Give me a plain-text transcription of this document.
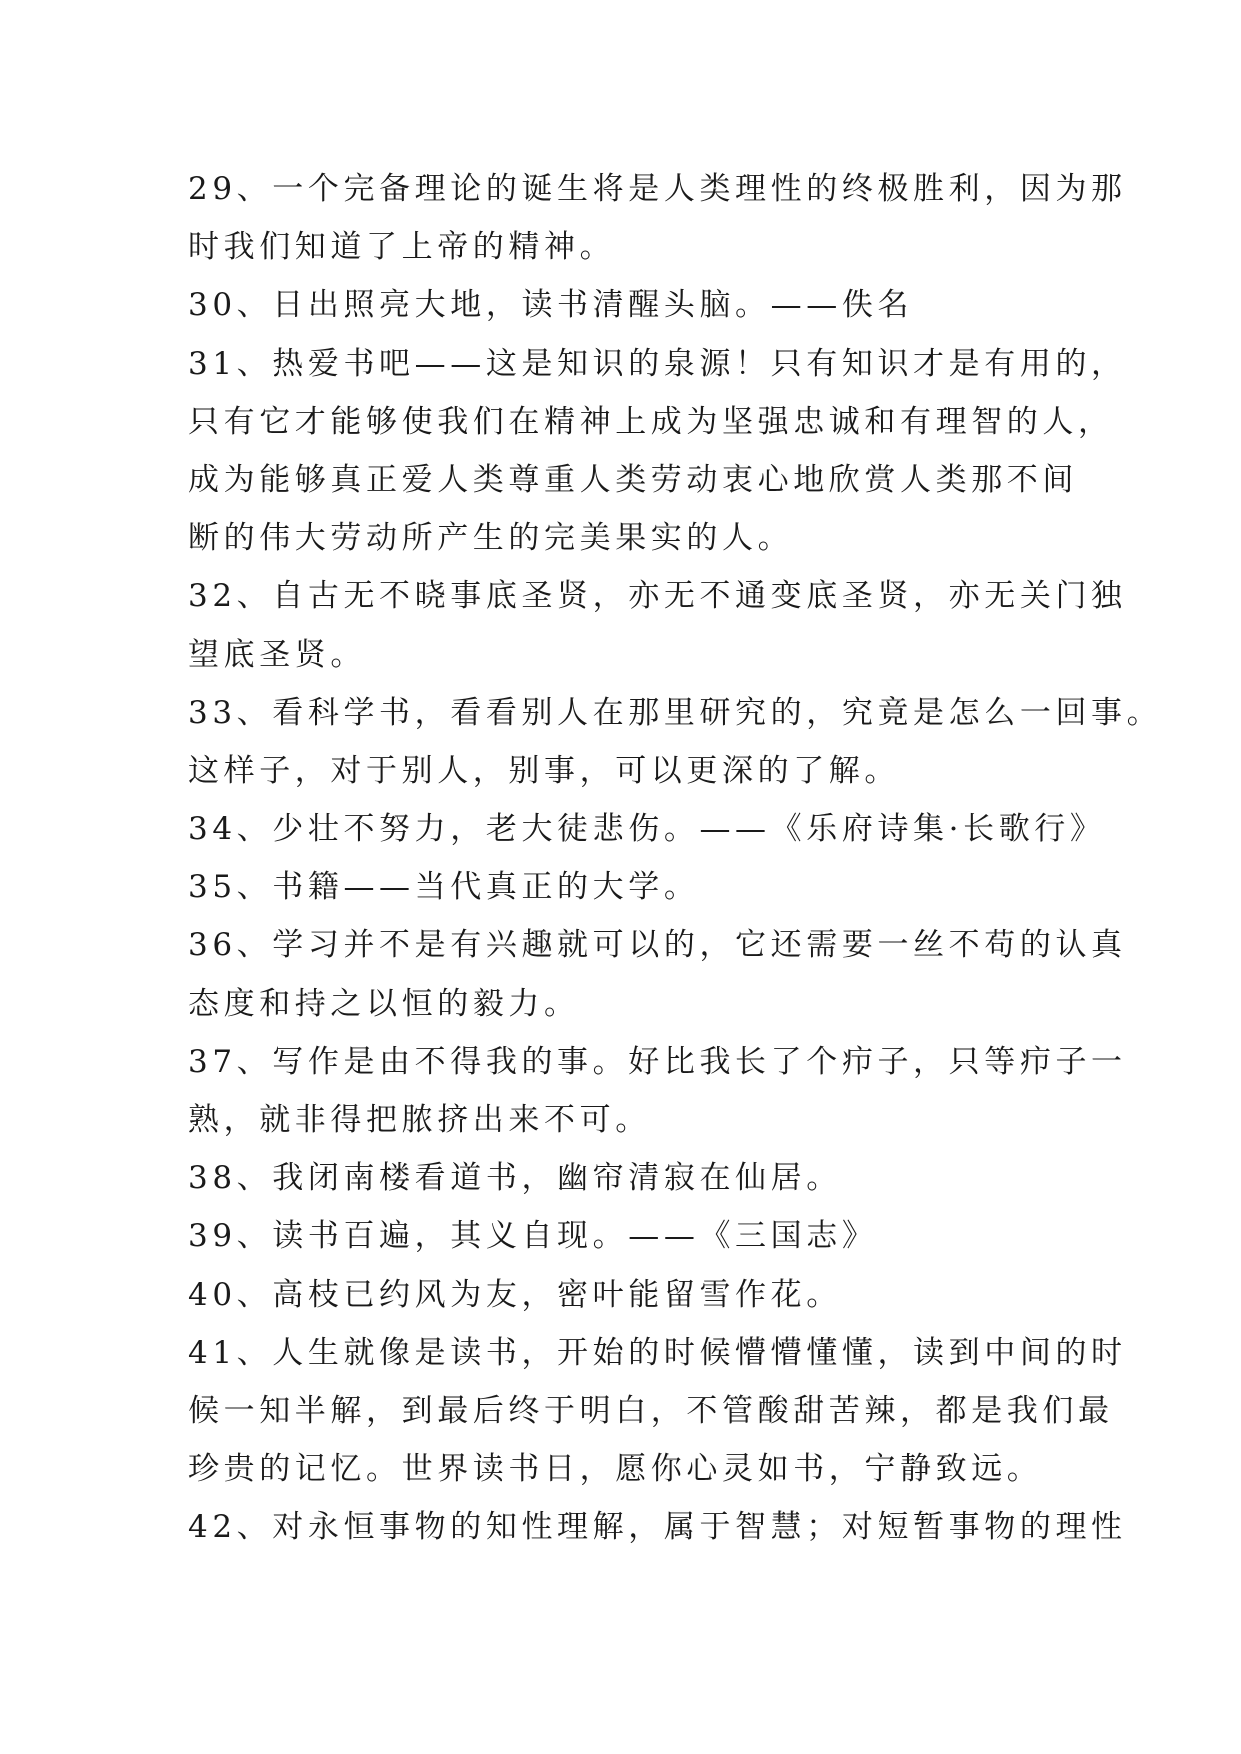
29、一个完备理论的诞生将是人类理性的终极胜利，因为那
时我们知道了上帝的精神。
30、日出照亮大地，读书清醒头脑。——佚名
31、热爱书吧——这是知识的泉源！只有知识才是有用的，
只有它才能够使我们在精神上成为坚强忠诚和有理智的人，
成为能够真正爱人类尊重人类劳动衷心地欣赏人类那不间
断的伟大劳动所产生的完美果实的人。
32、自古无不晓事底圣贤，亦无不通变底圣贤，亦无关门独
望底圣贤。
33、看科学书，看看别人在那里研究的，究竟是怎么一回事。
这样子，对于别人，别事，可以更深的了解。
34、少壮不努力，老大徒悲伤。——《乐府诗集·长歌行》
35、书籍——当代真正的大学。
36、学习并不是有兴趣就可以的，它还需要一丝不苟的认真
态度和持之以恒的毅力。
37、写作是由不得我的事。好比我长了个疖子，只等疖子一
熟，就非得把脓挤出来不可。
38、我闭南楼看道书，幽帘清寂在仙居。
39、读书百遍，其义自现。——《三国志》
40、高枝已约风为友，密叶能留雪作花。
41、人生就像是读书，开始的时候懵懵懂懂，读到中间的时
候一知半解，到最后终于明白，不管酸甜苦辣，都是我们最
珍贵的记忆。世界读书日，愿你心灵如书，宁静致远。
42、对永恒事物的知性理解，属于智慧；对短暂事物的理性
